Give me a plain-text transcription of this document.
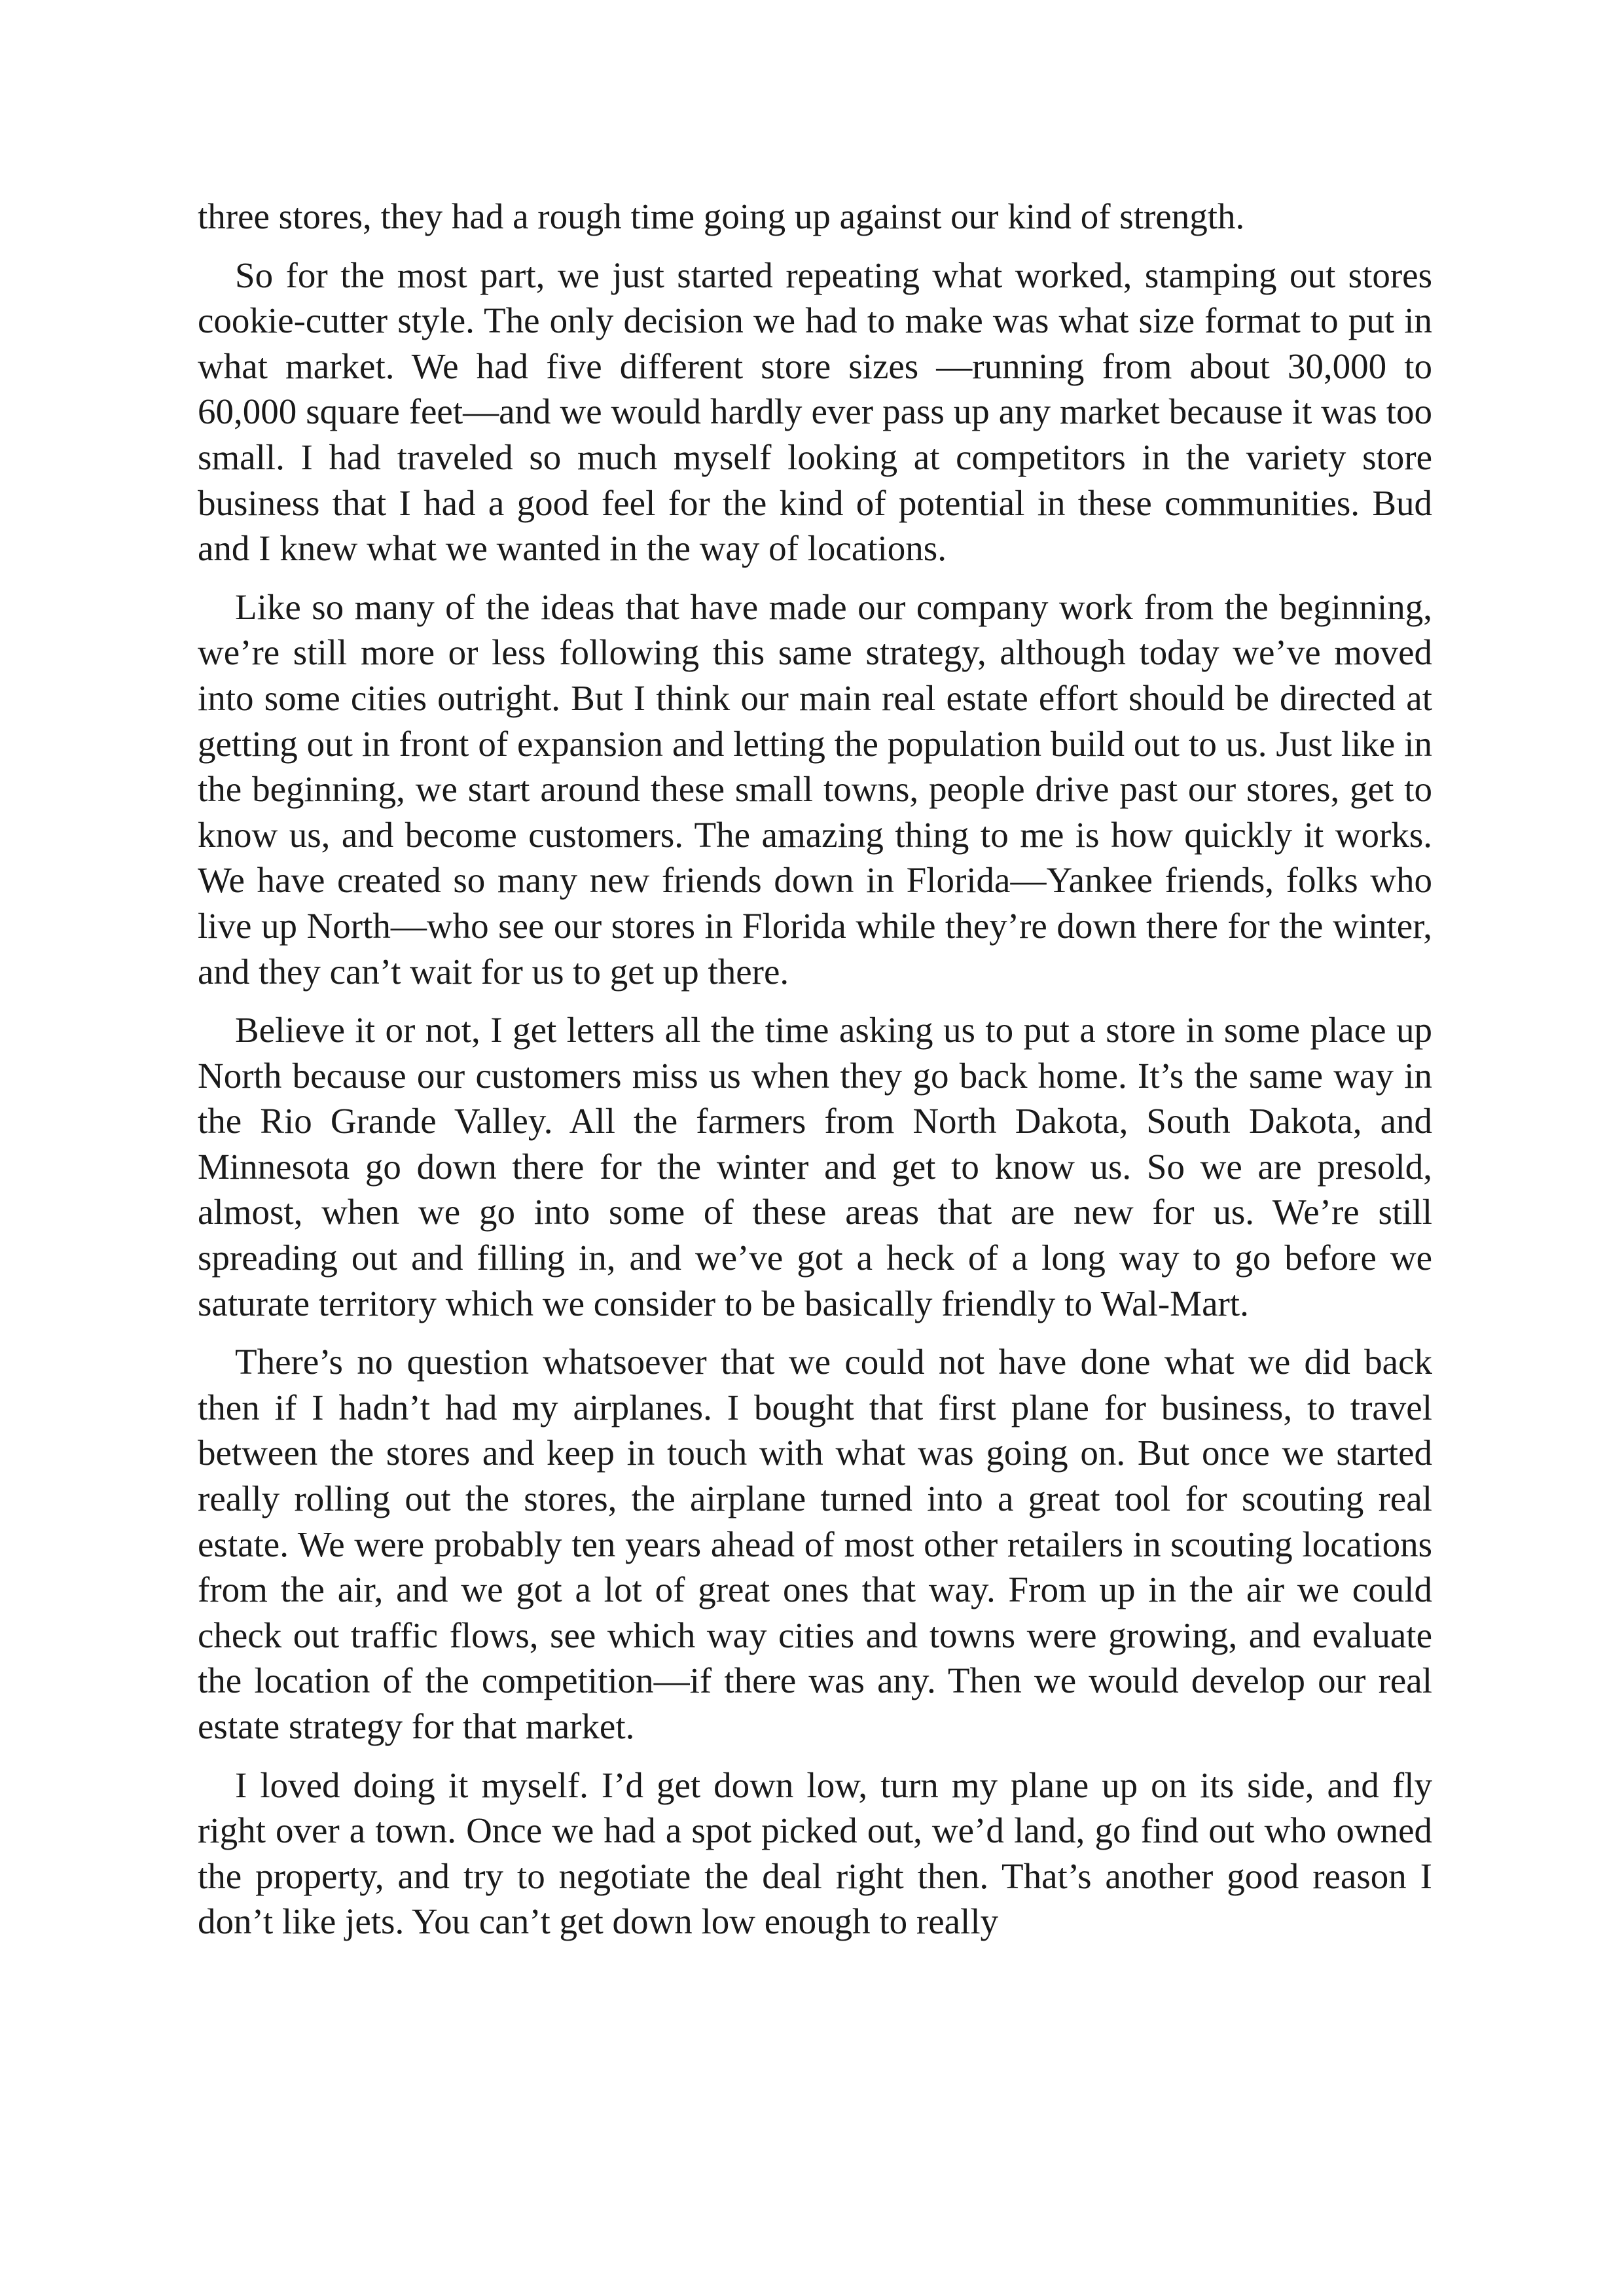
three stores, they had a rough time going up against our kind of strength.

So for the most part, we just started repeating what worked, stamping out stores cookie-cutter style. The only decision we had to make was what size format to put in what market. We had five different store sizes —running from about 30,000 to 60,000 square feet—and we would hardly ever pass up any market because it was too small. I had traveled so much myself looking at competitors in the variety store business that I had a good feel for the kind of potential in these communities. Bud and I knew what we wanted in the way of locations.

Like so many of the ideas that have made our company work from the beginning, we’re still more or less following this same strategy, although today we’ve moved into some cities outright. But I think our main real estate effort should be directed at getting out in front of expansion and letting the population build out to us. Just like in the beginning, we start around these small towns, people drive past our stores, get to know us, and become customers. The amazing thing to me is how quickly it works. We have created so many new friends down in Florida—Yankee friends, folks who live up North—who see our stores in Florida while they’re down there for the winter, and they can’t wait for us to get up there.

Believe it or not, I get letters all the time asking us to put a store in some place up North because our customers miss us when they go back home. It’s the same way in the Rio Grande Valley. All the farmers from North Dakota, South Dakota, and Minnesota go down there for the winter and get to know us. So we are presold, almost, when we go into some of these areas that are new for us. We’re still spreading out and filling in, and we’ve got a heck of a long way to go before we saturate territory which we consider to be basically friendly to Wal-Mart.

There’s no question whatsoever that we could not have done what we did back then if I hadn’t had my airplanes. I bought that first plane for business, to travel between the stores and keep in touch with what was going on. But once we started really rolling out the stores, the airplane turned into a great tool for scouting real estate. We were probably ten years ahead of most other retailers in scouting locations from the air, and we got a lot of great ones that way. From up in the air we could check out traffic flows, see which way cities and towns were growing, and evaluate the location of the competition—if there was any. Then we would develop our real estate strategy for that market.

I loved doing it myself. I’d get down low, turn my plane up on its side, and fly right over a town. Once we had a spot picked out, we’d land, go find out who owned the property, and try to negotiate the deal right then. That’s another good reason I don’t like jets. You can’t get down low enough to really
